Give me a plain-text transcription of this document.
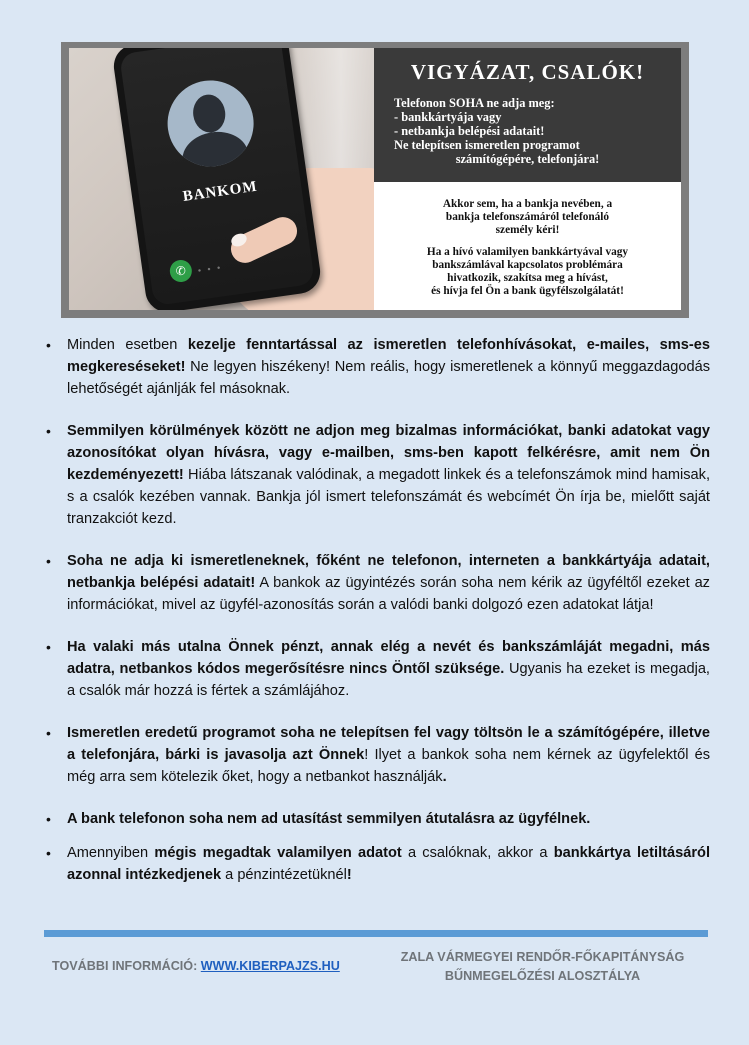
BANKOM
✆	• • •
VIGYÁZAT, CSALÓK!
Telefonon SOHA ne adja meg:
- bankkártyája vagy
- netbankja belépési adatait!
Ne telepítsen ismeretlen programot
számítógépére, telefonjára!
Akkor sem, ha a bankja nevében, a
bankja telefonszámáról telefonáló
személy kéri!
Ha a hívó valamilyen bankkártyával vagy
bankszámlával kapcsolatos problémára
hivatkozik, szakítsa meg a hívást,
és hívja fel Ön a bank ügyfélszolgálatát!

• Minden esetben kezelje fenntartással az ismeretlen telefonhívásokat, e-mailes, sms-es megkereséseket! Ne legyen hiszékeny! Nem reális, hogy ismeretlenek a könnyű meggazdagodás lehetőségét ajánlják fel másoknak.

• Semmilyen körülmények között ne adjon meg bizalmas információkat, banki adatokat vagy azonosítókat olyan hívásra, vagy e-mailben, sms-ben kapott felkérésre, amit nem Ön kezdeményezett! Hiába látszanak valódinak, a megadott linkek és a telefonszámok mind hamisak, s a csalók kezében vannak. Bankja jól ismert telefonszámát és webcímét Ön írja be, mielőtt saját tranzakciót kezd.

• Soha ne adja ki ismeretleneknek, főként ne telefonon, interneten a bankkártyája adatait, netbankja belépési adatait! A bankok az ügyintézés során soha nem kérik az ügyféltől ezeket az információkat, mivel az ügyfél-azonosítás során a valódi banki dolgozó ezen adatokat látja!

• Ha valaki más utalna Önnek pénzt, annak elég a nevét és bankszámláját megadni, más adatra, netbankos kódos megerősítésre nincs Öntől szüksége. Ugyanis ha ezeket is megadja, a csalók már hozzá is fértek a számlájához.

• Ismeretlen eredetű programot soha ne telepítsen fel vagy töltsön le a számítógépére, illetve a telefonjára, bárki is javasolja azt Önnek! Ilyet a bankok soha nem kérnek az ügyfelektől és még arra sem kötelezik őket, hogy a netbankot használják.

• A bank telefonon soha nem ad utasítást semmilyen átutalásra az ügyfélnek.

• Amennyiben mégis megadtak valamilyen adatot a csalóknak, akkor a bankkártya letiltásáról azonnal intézkedjenek a pénzintézetüknél!

TOVÁBBI INFORMÁCIÓ: WWW.KIBERPAJZS.HU
ZALA VÁRMEGYEI RENDŐR-FŐKAPITÁNYSÁG
BŰNMEGELŐZÉSI ALOSZTÁLYA
